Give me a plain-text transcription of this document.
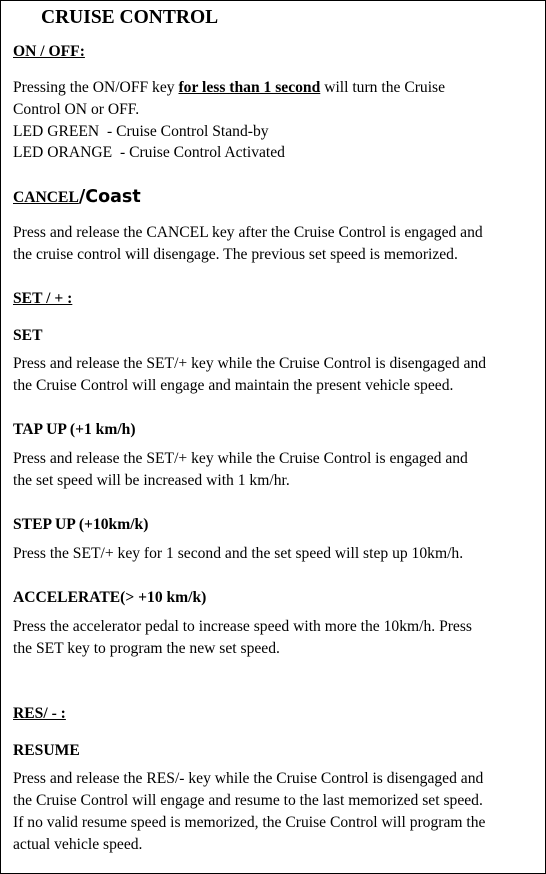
CRUISE CONTROL
ON / OFF:
Pressing the ON/OFF key for less than 1 second will turn the Cruise
Control ON or OFF.
LED GREEN  - Cruise Control Stand-by
LED ORANGE  - Cruise Control Activated
CANCEL/Coast
Press and release the CANCEL key after the Cruise Control is engaged and
the cruise control will disengage. The previous set speed is memorized.
SET / + :
SET
Press and release the SET/+ key while the Cruise Control is disengaged and
the Cruise Control will engage and maintain the present vehicle speed.
TAP UP (+1 km/h)
Press and release the SET/+ key while the Cruise Control is engaged and
the set speed will be increased with 1 km/hr.
STEP UP (+10km/k)
Press the SET/+ key for 1 second and the set speed will step up 10km/h.
ACCELERATE(> +10 km/k)
Press the accelerator pedal to increase speed with more the 10km/h. Press
the SET key to program the new set speed.
RES/ - :
RESUME
Press and release the RES/- key while the Cruise Control is disengaged and
the Cruise Control will engage and resume to the last memorized set speed.
If no valid resume speed is memorized, the Cruise Control will program the
actual vehicle speed.
